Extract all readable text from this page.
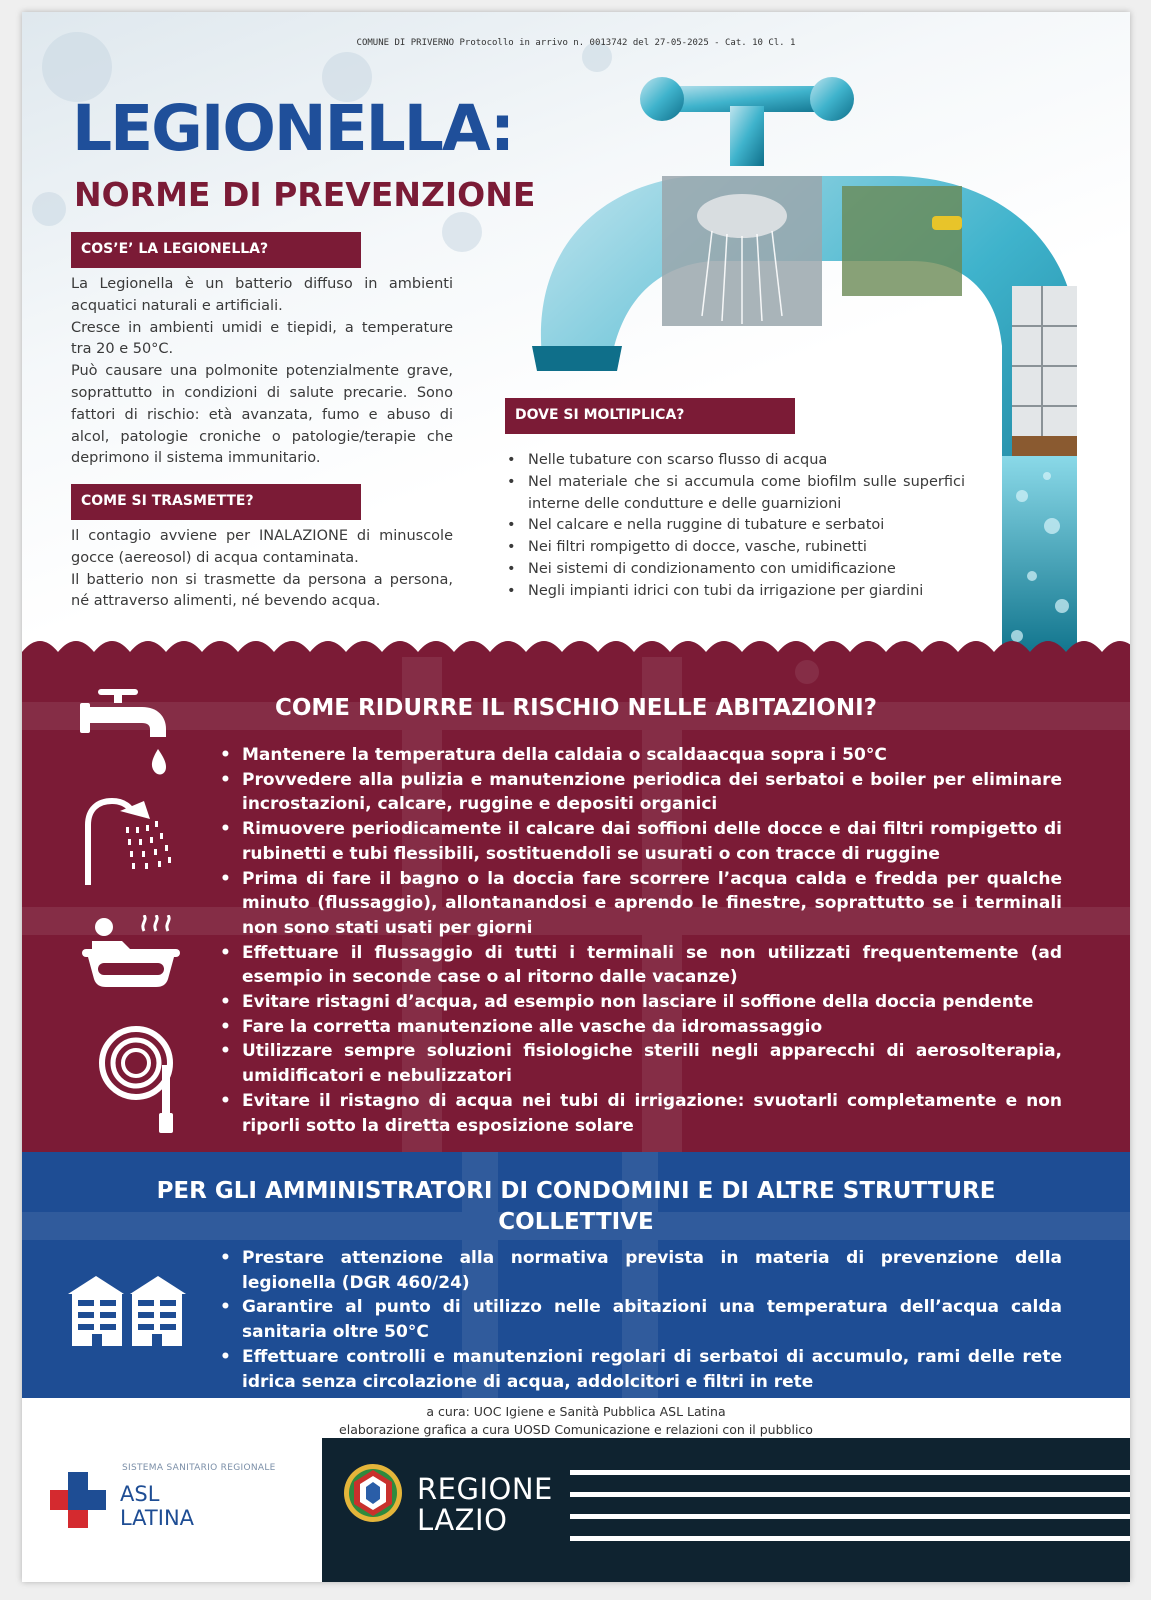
COMUNE DI PRIVERNO Protocollo in arrivo n. 0013742 del 27-05-2025 - Cat. 10 Cl. 1
LEGIONELLA:
NORME DI PREVENZIONE
COS’E’ LA LEGIONELLA?

La Legionella è un batterio diffuso in ambienti acquatici naturali e artificiali.

Cresce in ambienti umidi e tiepidi, a temperature tra 20 e 50°C.

Può causare una polmonite potenzialmente grave, soprattutto in condizioni di salute precarie. Sono fattori di rischio: età avanzata, fumo e abuso di alcol, patologie croniche o patologie/terapie che deprimono il sistema immunitario.

COME SI TRASMETTE?

Il contagio avviene per INALAZIONE di minuscole gocce (aereosol) di acqua contaminata.

Il batterio non si trasmette da persona a persona, né attraverso alimenti, né bevendo acqua.

DOVE SI MOLTIPLICA?
• Nelle tubature con scarso flusso di acqua
• Nel materiale che si accumula come biofilm sulle superfici interne delle condutture e delle guarnizioni
• Nel calcare e nella ruggine di tubature e serbatoi
• Nei filtri rompigetto di docce, vasche, rubinetti
• Nei sistemi di condizionamento con umidificazione
• Negli impianti idrici con tubi da irrigazione per giardini
COME RIDURRE IL RISCHIO NELLE ABITAZIONI?
• Mantenere la temperatura della caldaia o scaldaacqua sopra i 50°C
• Provvedere alla pulizia e manutenzione periodica dei serbatoi e boiler per eliminare incrostazioni, calcare, ruggine e depositi organici
• Rimuovere periodicamente il calcare dai soffioni delle docce e dai filtri rompigetto di rubinetti e tubi flessibili, sostituendoli se usurati o con tracce di ruggine
• Prima di fare il bagno o la doccia fare scorrere l’acqua calda e fredda per qualche minuto (flussaggio), allontanandosi e aprendo le finestre, soprattutto se i terminali non sono stati usati per giorni
• Effettuare il flussaggio di tutti i terminali se non utilizzati frequentemente (ad esempio in seconde case o al ritorno dalle vacanze)
• Evitare ristagni d’acqua, ad esempio non lasciare il soffione della doccia pendente
• Fare la corretta manutenzione alle vasche da idromassaggio
• Utilizzare sempre soluzioni fisiologiche sterili negli apparecchi di aerosolterapia, umidificatori e nebulizzatori
• Evitare il ristagno di acqua nei tubi di irrigazione: svuotarli completamente e non riporli sotto la diretta esposizione solare
PER GLI AMMINISTRATORI DI CONDOMINI E DI ALTRE STRUTTURE
COLLETTIVE
• Prestare attenzione alla normativa prevista in materia di prevenzione della legionella (DGR 460/24)
• Garantire al punto di utilizzo nelle abitazioni una temperatura dell’acqua calda sanitaria oltre 50°C
• Effettuare controlli e manutenzioni regolari di serbatoi di accumulo, rami delle rete idrica senza circolazione di acqua, addolcitori e filtri in rete
a cura: UOC Igiene e Sanità Pubblica ASL Latina
elaborazione grafica a cura UOSD Comunicazione e relazioni con il pubblico
SISTEMA SANITARIO REGIONALE
ASL
LATINA
REGIONE
LAZIO
